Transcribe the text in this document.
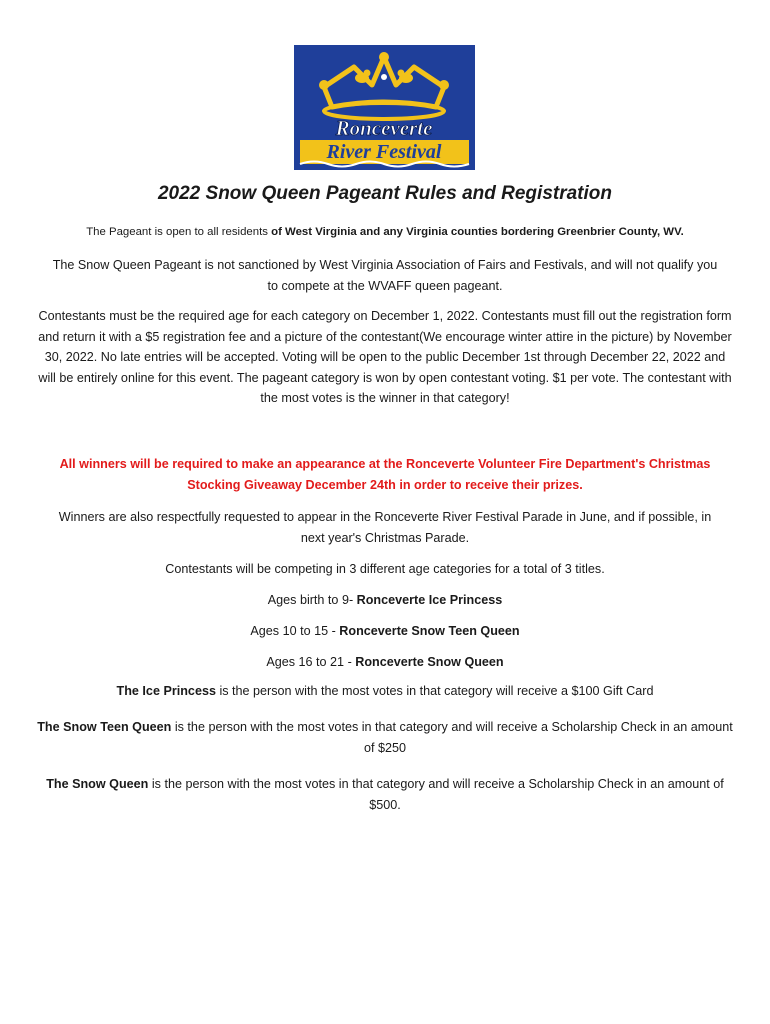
Ronceverte
River Festival
2022 Snow Queen Pageant Rules and Registration

The Pageant is open to all residents of West Virginia and any Virginia counties bordering Greenbrier County, WV.

The Snow Queen Pageant is not sanctioned by West Virginia Association of Fairs and Festivals, and will not qualify you to compete at the WVAFF queen pageant.

Contestants must be the required age for each category on December 1, 2022. Contestants must fill out the registration form and return it with a $5 registration fee and a picture of the contestant(We encourage winter attire in the picture) by November 30, 2022. No late entries will be accepted. Voting will be open to the public December 1st through December 22, 2022 and will be entirely online for this event. The pageant category is won by open contestant voting. $1 per vote. The contestant with the most votes is the winner in that category!

All winners will be required to make an appearance at the Ronceverte Volunteer Fire Department's Christmas Stocking Giveaway December 24th in order to receive their prizes.

Winners are also respectfully requested to appear in the Ronceverte River Festival Parade in June, and if possible, in next year's Christmas Parade.

Contestants will be competing in 3 different age categories for a total of 3 titles.

Ages birth to 9- Ronceverte Ice Princess

Ages 10 to 15 - Ronceverte Snow Teen Queen

Ages 16 to 21 - Ronceverte Snow Queen

The Ice Princess is the person with the most votes in that category will receive a $100 Gift Card

The Snow Teen Queen is the person with the most votes in that category and will receive a Scholarship Check in an amount of $250

The Snow Queen is the person with the most votes in that category and will receive a Scholarship Check in an amount of $500.
